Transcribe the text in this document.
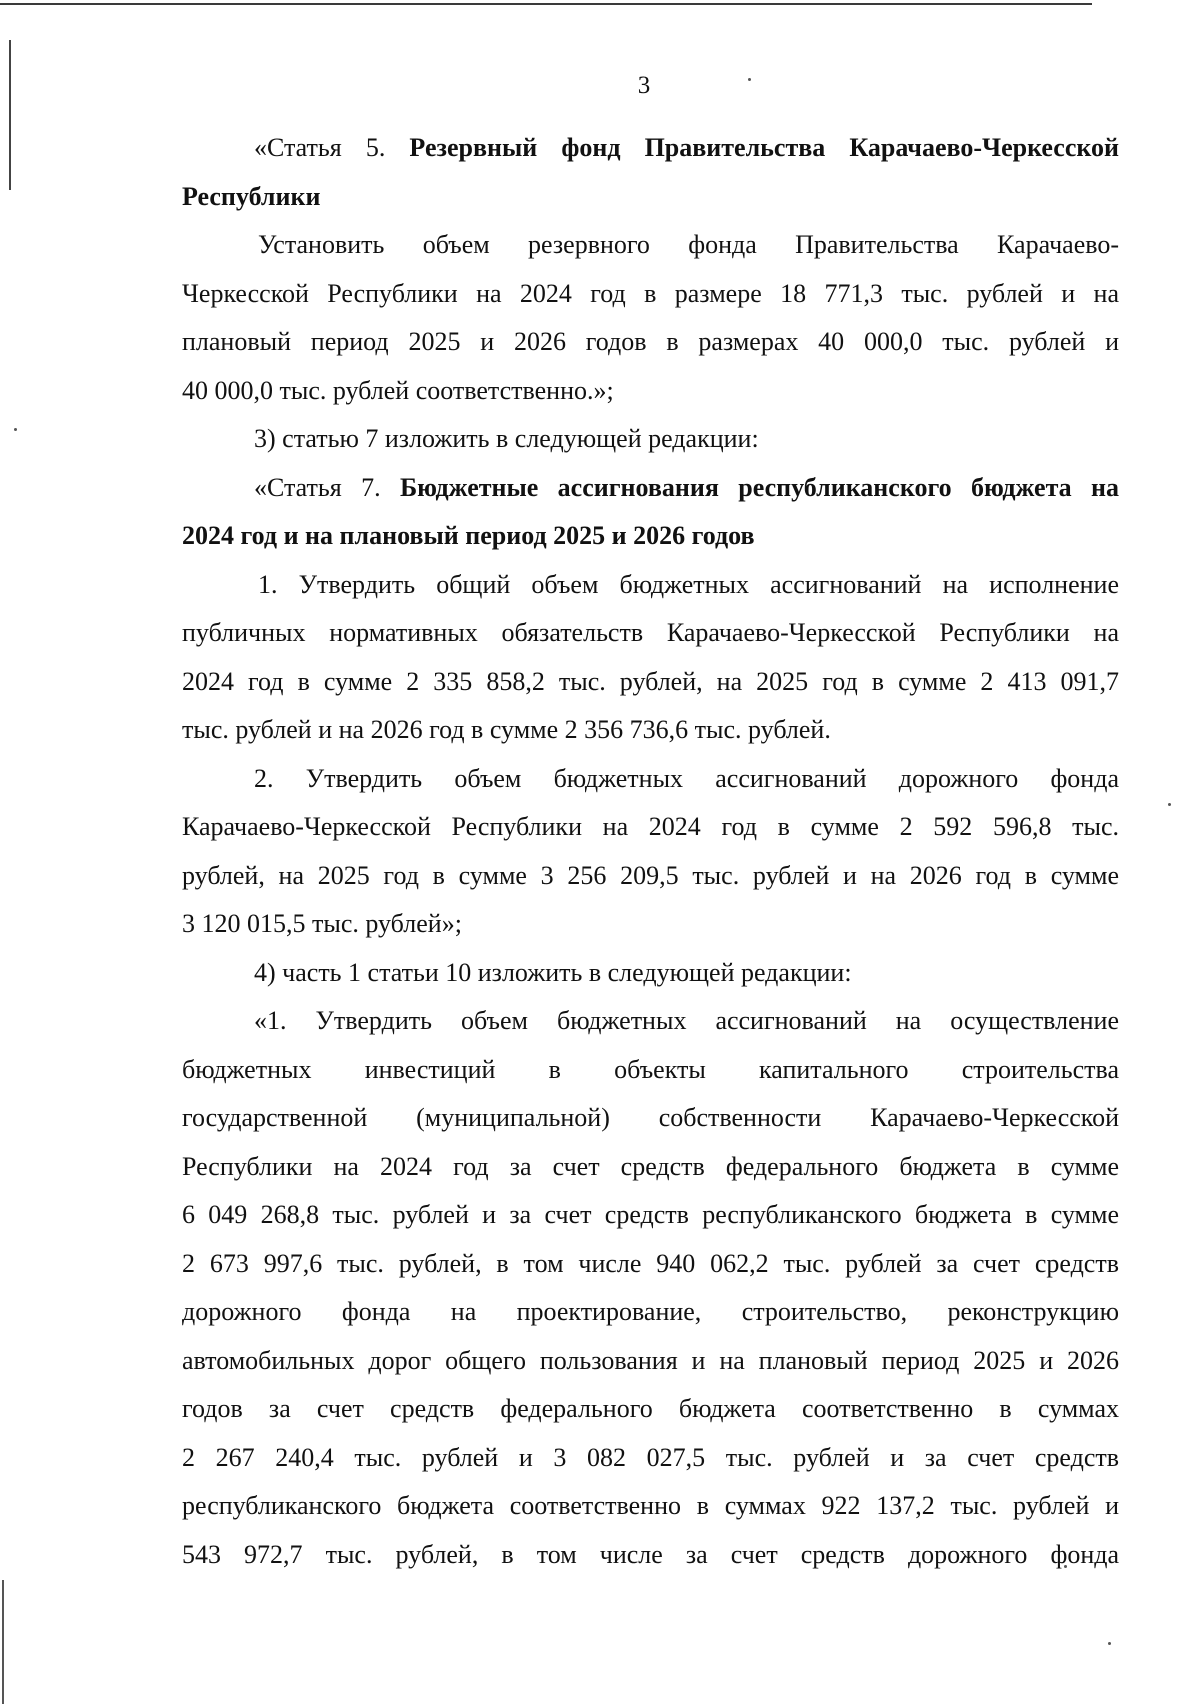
3
«Статья 5. Резервный фонд Правительства Карачаево-Черкесской
Республики
Установить объем резервного фонда Правительства Карачаево-
Черкесской Республики на 2024 год в размере 18 771,3 тыс. рублей и на
плановый период 2025 и 2026 годов в размерах 40 000,0 тыс. рублей и
40 000,0 тыс. рублей соответственно.»;
3) статью 7 изложить в следующей редакции:
«Статья 7. Бюджетные ассигнования республиканского бюджета на
2024 год и на плановый период 2025 и 2026 годов
1. Утвердить общий объем бюджетных ассигнований на исполнение
публичных нормативных обязательств Карачаево-Черкесской Республики на
2024 год в сумме 2 335 858,2 тыс. рублей, на 2025 год в сумме 2 413 091,7
тыс. рублей и на 2026 год в сумме 2 356 736,6 тыс. рублей.
2. Утвердить объем бюджетных ассигнований дорожного фонда
Карачаево-Черкесской Республики на 2024 год в сумме 2 592 596,8 тыс.
рублей, на 2025 год в сумме 3 256 209,5 тыс. рублей и на 2026 год в сумме
3 120 015,5 тыс. рублей»;
4) часть 1 статьи 10 изложить в следующей редакции:
«1. Утвердить объем бюджетных ассигнований на осуществление
бюджетных инвестиций в объекты капитального строительства
государственной (муниципальной) собственности Карачаево-Черкесской
Республики на 2024 год за счет средств федерального бюджета в сумме
6 049 268,8 тыс. рублей и за счет средств республиканского бюджета в сумме
2 673 997,6 тыс. рублей, в том числе 940 062,2 тыс. рублей за счет средств
дорожного фонда на проектирование, строительство, реконструкцию
автомобильных дорог общего пользования и на плановый период 2025 и 2026
годов за счет средств федерального бюджета соответственно в суммах
2 267 240,4 тыс. рублей и 3 082 027,5 тыс. рублей и за счет средств
республиканского бюджета соответственно в суммах 922 137,2 тыс. рублей и
543 972,7 тыс. рублей, в том числе за счет средств дорожного фонда
